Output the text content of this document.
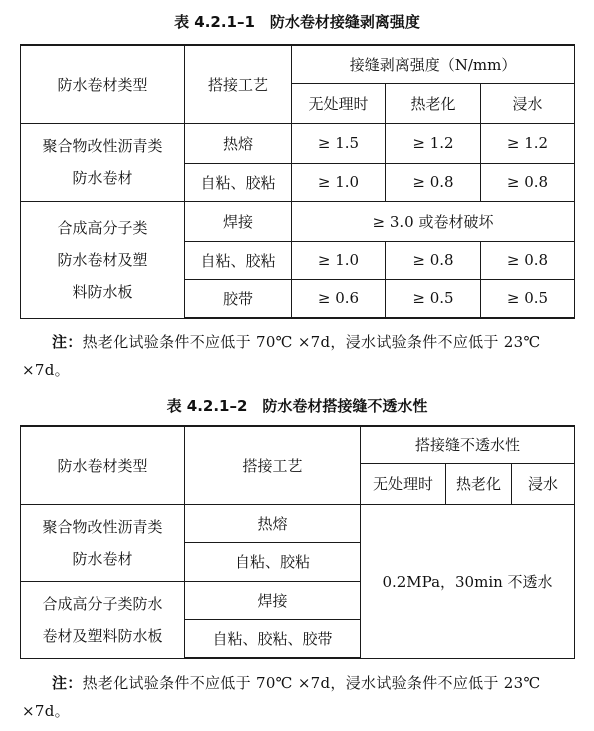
表 4.2.1–1　防水卷材接缝剥离强度
防水卷材类型	搭接工艺	接缝剥离强度（N/mm）		
		无处理时	热老化	浸水

聚合物改性沥青类
防水卷材	热熔	≥ 1.5	≥ 1.2	≥ 1.2
	自粘、胶粘	≥ 1.0	≥ 0.8	≥ 0.8

合成高分子类
防水卷材及塑
料防水板	焊接	≥ 3.0 或卷材破坏		
	自粘、胶粘	≥ 1.0	≥ 0.8	≥ 0.8
	胶带	≥ 0.6	≥ 0.5	≥ 0.5
注：热老化试验条件不应低于 70℃ ×7d，浸水试验条件不应低于 23℃ ×7d。
表 4.2.1–2　防水卷材搭接缝不透水性
防水卷材类型	搭接工艺	搭接缝不透水性		
		无处理时	热老化	浸水

聚合物改性沥青类
防水卷材	热熔	0.2MPa，30min 不透水		
	自粘、胶粘			

合成高分子类防水
卷材及塑料防水板	焊接			
	自粘、胶粘、胶带			
注：热老化试验条件不应低于 70℃ ×7d，浸水试验条件不应低于 23℃ ×7d。
